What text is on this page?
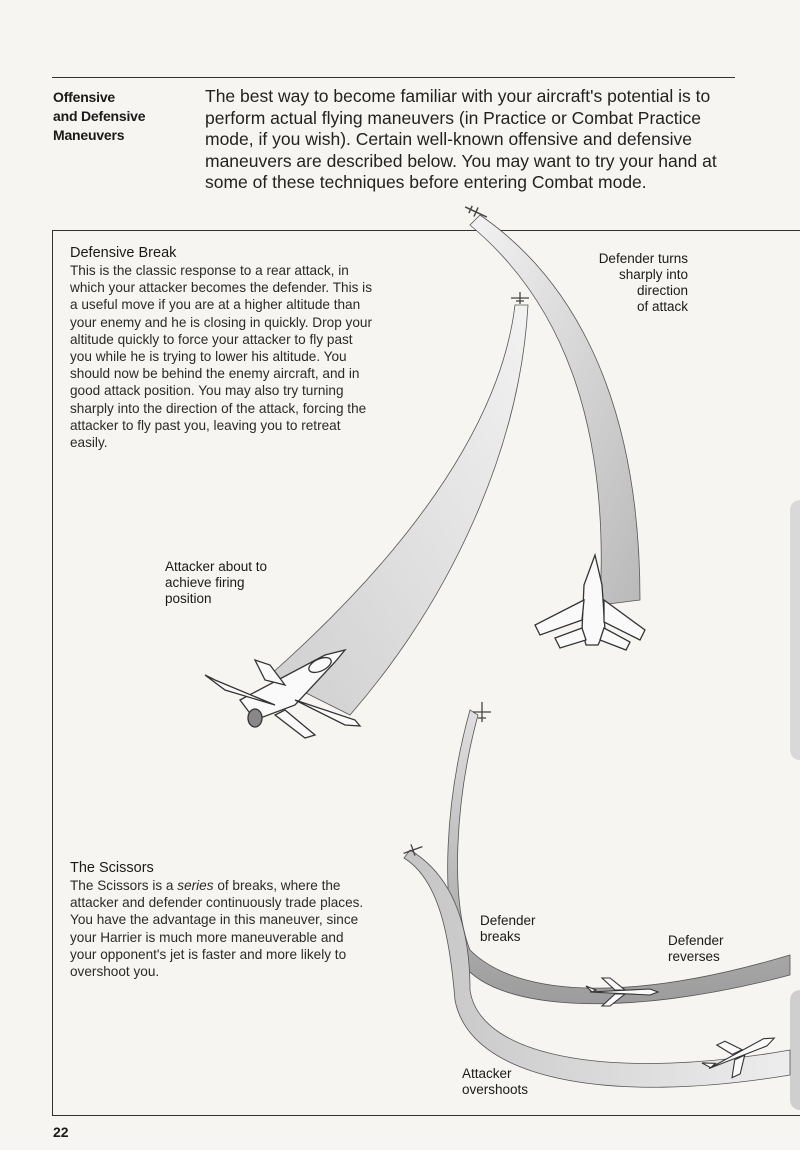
Offensive
and Defensive
Maneuvers
The best way to become familiar with your aircraft's potential is to perform actual flying maneuvers (in Practice or Combat Practice mode, if you wish). Certain well-known offensive and defensive maneuvers are described below. You may want to try your hand at some of these techniques before entering Combat mode.
Defensive Break
This is the classic response to a rear attack, in which your attacker becomes the defender. This is a useful move if you are at a higher altitude than your enemy and he is closing in quickly. Drop your altitude quickly to force your attacker to fly past you while he is trying to lower his altitude. You should now be behind the enemy aircraft, and in good attack position. You may also try turning sharply into the direction of the attack, forcing the attacker to fly past you, leaving you to retreat easily.
The Scissors
The Scissors is a series of breaks, where the attacker and defender continuously trade places. You have the advantage in this maneuver, since your Harrier is much more maneuverable and your opponent's jet is faster and more likely to overshoot you.
Defender turns
sharply into
direction
of attack
Attacker about to
achieve firing
position
Defender
breaks	Defender
reverses
Attacker
overshoots
22
